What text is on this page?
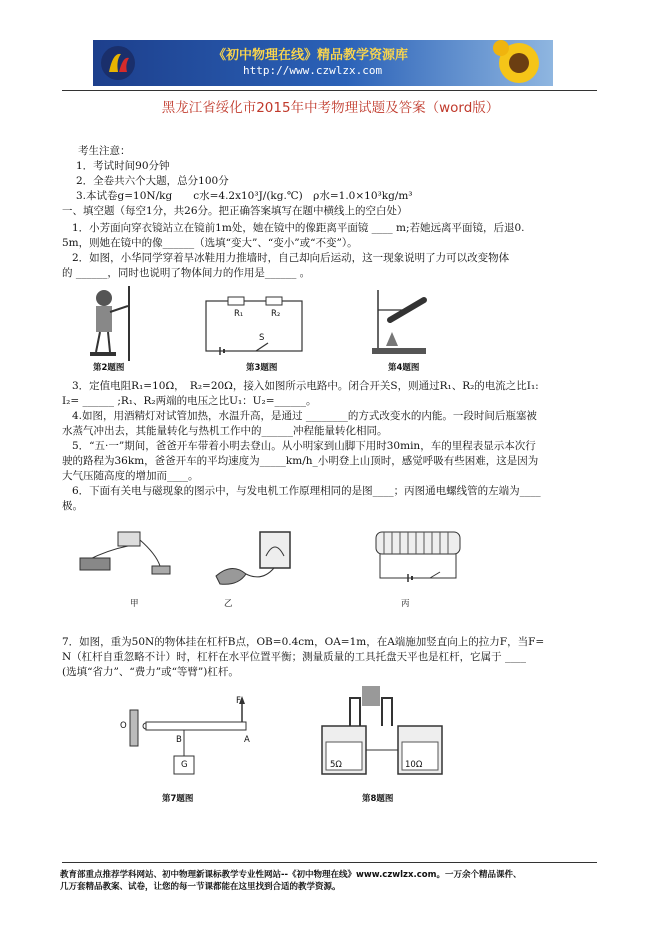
《初中物理在线》精品教学资源库
http://www.czwlzx.com
黑龙江省绥化市2015年中考物理试题及答案（word版）
考生注意：
1．考试时间90分钟
2．全卷共六个大题，总分100分
3.本试卷g=10N/kg　　c水=4.2x10³J/(kg.℃)　ρ水=1.0×10³kg/m³
一、填空题（每空1分，共26分。把正确答案填写在题中横线上的空白处）
1．小芳面向穿衣镜站立在镜前1m处，她在镜中的像距离平面镜 ____ m;若她远离平面镜，后退0.
5m，则她在镜中的像______（选填“变大”、“变小”或“不变”）。
2．如图，小华同学穿着旱冰鞋用力推墙时，自己却向后运动，这一现象说明了力可以改变物体
的 ______，同时也说明了物体间力的作用是______ 。
第2题图
R₁	R₂
S
第3题图	第4题图
3．定值电阻R₁=10Ω，　R₂=20Ω，接入如图所示电路中。闭合开关S，则通过R₁、R₂的电流之比I₁:
I₂= ______ ;R₁、R₂两端的电压之比U₁：U₂=______。
4.如图，用酒精灯对试管加热，水温升高，是通过 ________的方式改变水的内能。一段时间后瓶塞被
水蒸气冲出去，其能量转化与热机工作中的______冲程能量转化相同。
5．“五·一”期间，爸爸开车带着小明去登山。从小明家到山脚下用时30min，车的里程表显示本次行
驶的路程为36km，爸爸开车的平均速度为_____km/h_小明登上山顶时，感觉呼吸有些困难，这是因为
大气压随高度的增加而____。
6．下面有关电与磁现象的图示中，与发电机工作原理相同的是图____；丙图通电螺线管的左端为____
极。
甲	乙	丙
7．如图，重为50N的物体挂在杠杆B点，OB=0.4cm，OA=1m，在A端施加竖直向上的拉力F，当F=
N（杠杆自重忽略不计）时，杠杆在水平位置平衡；测量质量的工具托盘天平也是杠杆，它属于 ____
(选填“省力”、“费力”或“等臂”)杠杆。
O
B	A
F
G
第7题图
5Ω	10Ω
第8题图
教育部重点推荐学科网站、初中物理新课标教学专业性网站--《初中物理在线》www.czwlzx.com。一万余个精品课件、
几万套精品教案、试卷，让您的每一节课都能在这里找到合适的教学资源。
